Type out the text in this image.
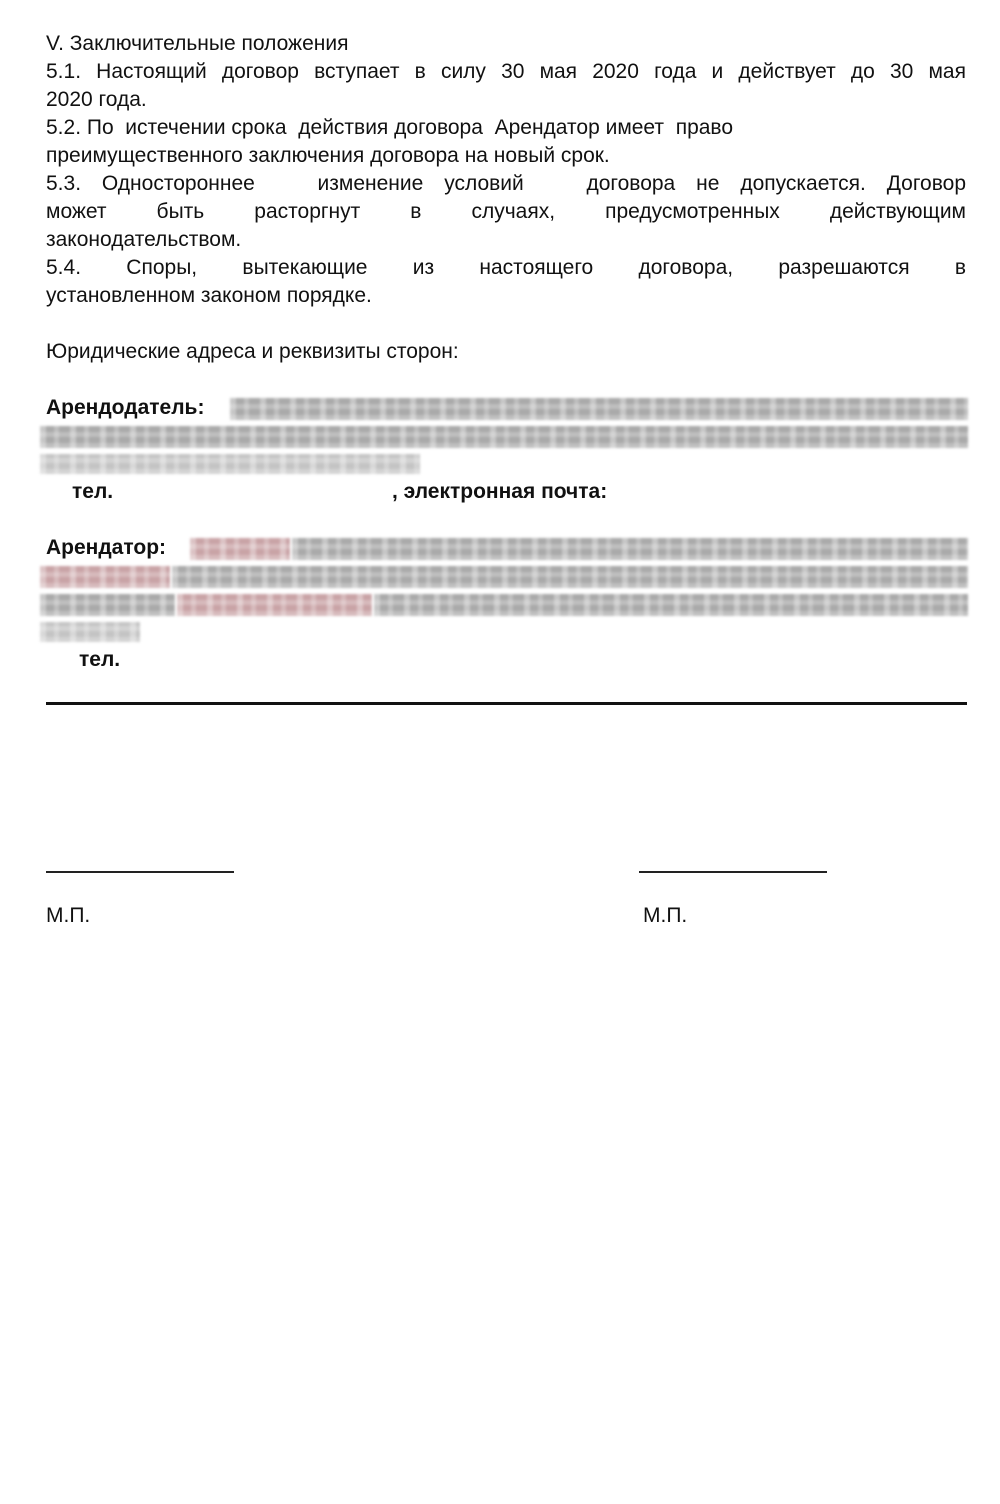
V. Заключительные положения
5.1. Настоящий договор вступает в силу 30 мая 2020 года и действует до 30 мая
2020 года.
5.2. По  истечении срока  действия договора  Арендатор имеет  право
преимущественного заключения договора на новый срок.
5.3. Одностороннее   изменение условий   договора не допускается. Договор
может быть расторгнут в случаях, предусмотренных действующим
законодательством.
5.4. Споры, вытекающие из настоящего договора, разрешаются в
установленном законом порядке.
Юридические адреса и реквизиты сторон:
Арендодатель:
тел.	, электронная почта:
Арендатор:
тел.
М.П.	М.П.
